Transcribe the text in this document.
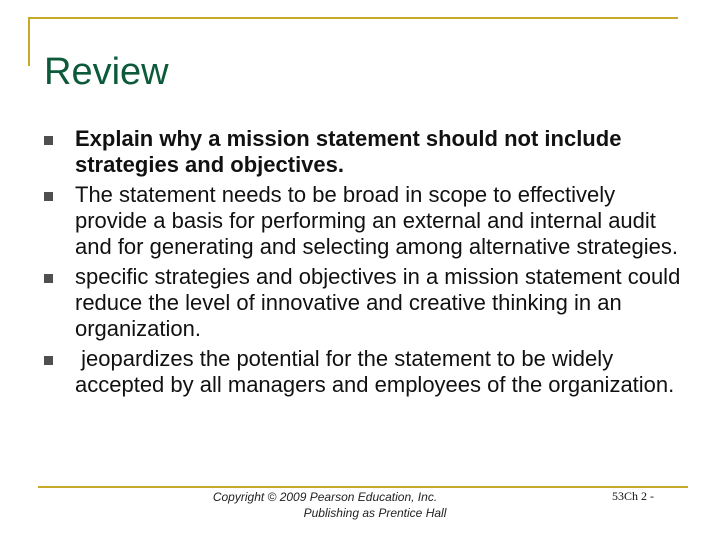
Review
Explain why a mission statement should not include strategies and objectives.
The statement needs to be broad in scope to effectively provide a basis for performing an external and internal audit and for generating and selecting among alternative strategies.
specific strategies and objectives in a mission statement could reduce the level of innovative and creative thinking in an organization.
jeopardizes the potential for the statement to be widely accepted by all managers and employees of the organization.
Copyright © 2009 Pearson Education, Inc.
Publishing as Prentice Hall
53Ch 2 -
